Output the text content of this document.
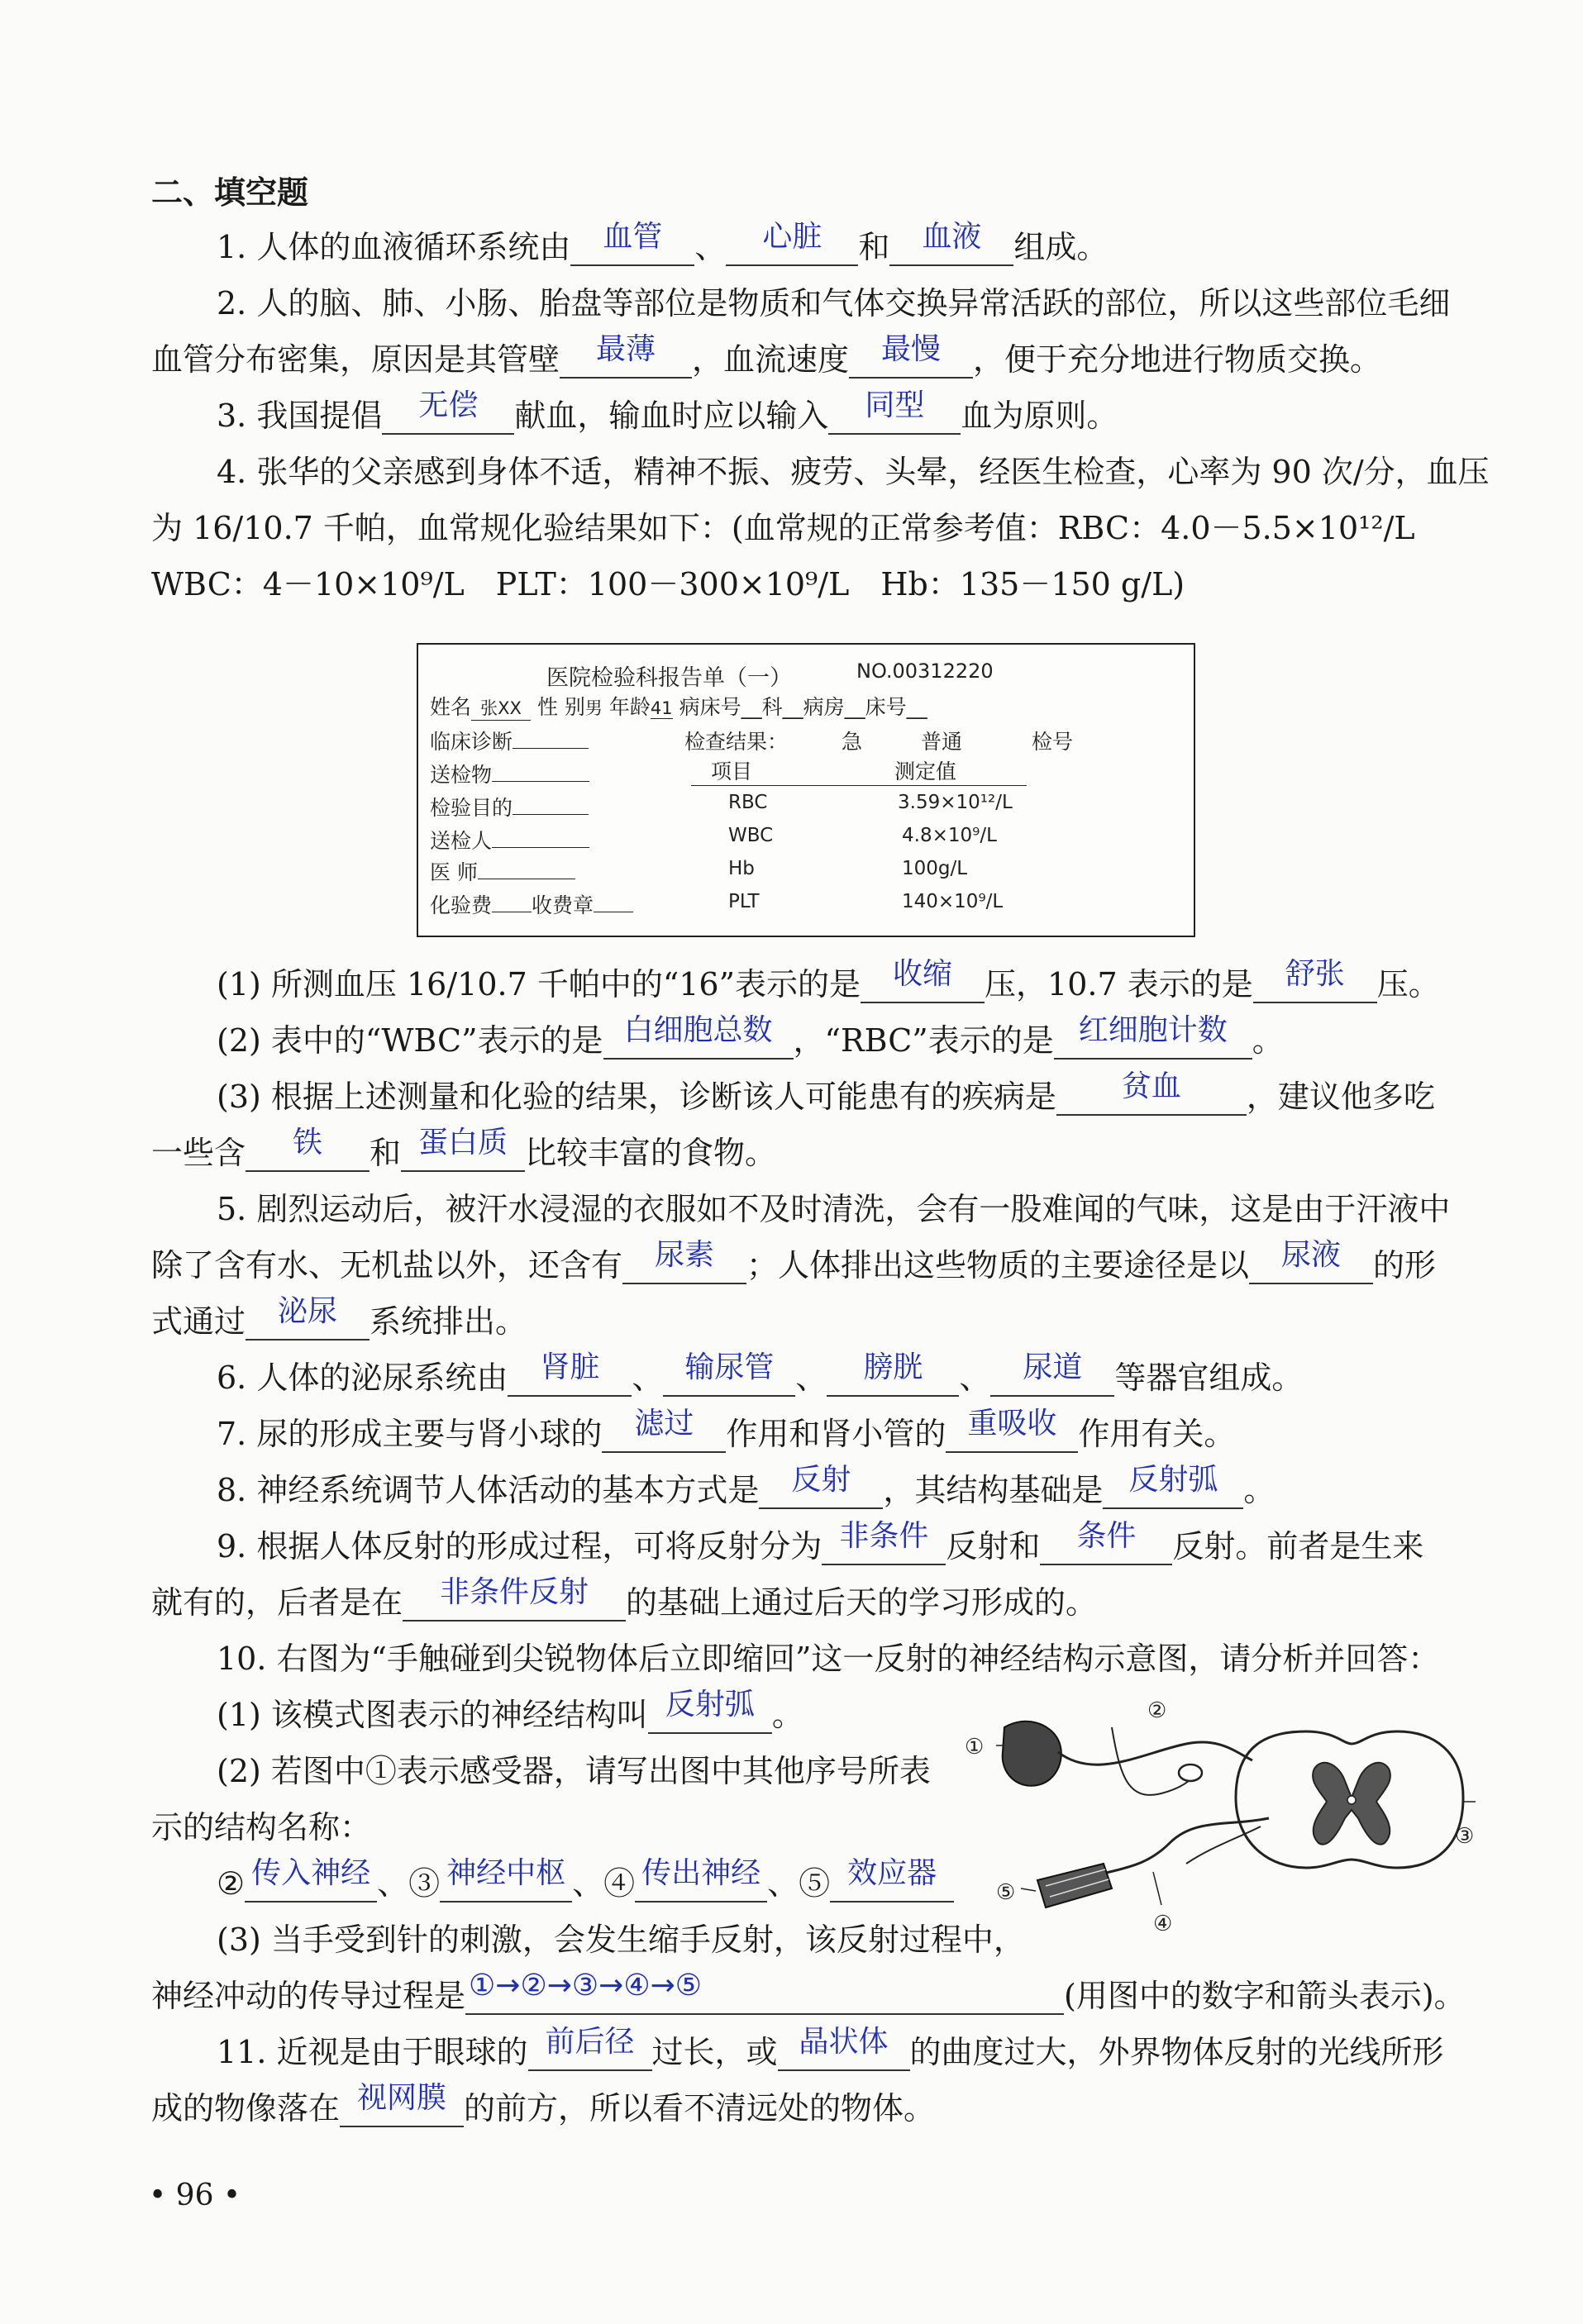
二、填空题
1. 人体的血液循环系统由 血管 、 心脏 和 血液 组成。
2. 人的脑、肺、小肠、胎盘等部位是物质和气体交换异常活跃的部位，所以这些部位毛细
血管分布密集，原因是其管壁 最薄 ，血流速度 最慢 ，便于充分地进行物质交换。
3. 我国提倡 无偿 献血，输血时应以输入 同型 血为原则。
4. 张华的父亲感到身体不适，精神不振、疲劳、头晕，经医生检查，心率为 90 次/分，血压
为 16/10.7 千帕，血常规化验结果如下：(血常规的正常参考值：RBC：4.0－5.5×10¹²/L
WBC：4－10×10⁹/L　PLT：100－300×10⁹/L　Hb：135－150 g/L)
医院检验科报告单（一）	NO.00312220
姓名 张XX 性 别男 年龄41 病床号__科__病房__床号__
临床诊断	检查结果：	急	普通	检号
送检物	项目	测定值
检验目的
送检人
医 师
化验费 收费章
RBC	3.59×10¹²/L
WBC	4.8×10⁹/L
Hb	100g/L
PLT	140×10⁹/L
(1) 所测血压 16/10.7 千帕中的“16”表示的是 收缩 压，10.7 表示的是 舒张 压。
(2) 表中的“WBC”表示的是 白细胞总数 ，“RBC”表示的是 红细胞计数 。
(3) 根据上述测量和化验的结果，诊断该人可能患有的疾病是 贫血 ，建议他多吃
一些含 铁 和 蛋白质 比较丰富的食物。
5. 剧烈运动后，被汗水浸湿的衣服如不及时清洗，会有一股难闻的气味，这是由于汗液中
除了含有水、无机盐以外，还含有 尿素 ；人体排出这些物质的主要途径是以 尿液 的形
式通过 泌尿 系统排出。
6. 人体的泌尿系统由 肾脏 、 输尿管 、 膀胱 、 尿道 等器官组成。
7. 尿的形成主要与肾小球的 滤过 作用和肾小管的 重吸收 作用有关。
8. 神经系统调节人体活动的基本方式是 反射 ，其结构基础是 反射弧 。
9. 根据人体反射的形成过程，可将反射分为 非条件 反射和 条件 反射。前者是生来
就有的，后者是在 非条件反射 的基础上通过后天的学习形成的。
10. 右图为“手触碰到尖锐物体后立即缩回”这一反射的神经结构示意图，请分析并回答：
(1) 该模式图表示的神经结构叫 反射弧 。
(2) 若图中①表示感受器，请写出图中其他序号所表
示的结构名称：
② 传入神经 、③ 神经中枢 、④ 传出神经 、⑤ 效应器
(3) 当手受到针的刺激，会发生缩手反射，该反射过程中，
神经冲动的传导过程是 ①→②→③→④→⑤	(用图中的数字和箭头表示)。
①
②
③
④
⑤
11. 近视是由于眼球的 前后径 过长，或 晶状体 的曲度过大，外界物体反射的光线所形
成的物像落在 视网膜 的前方，所以看不清远处的物体。
• 96 •
